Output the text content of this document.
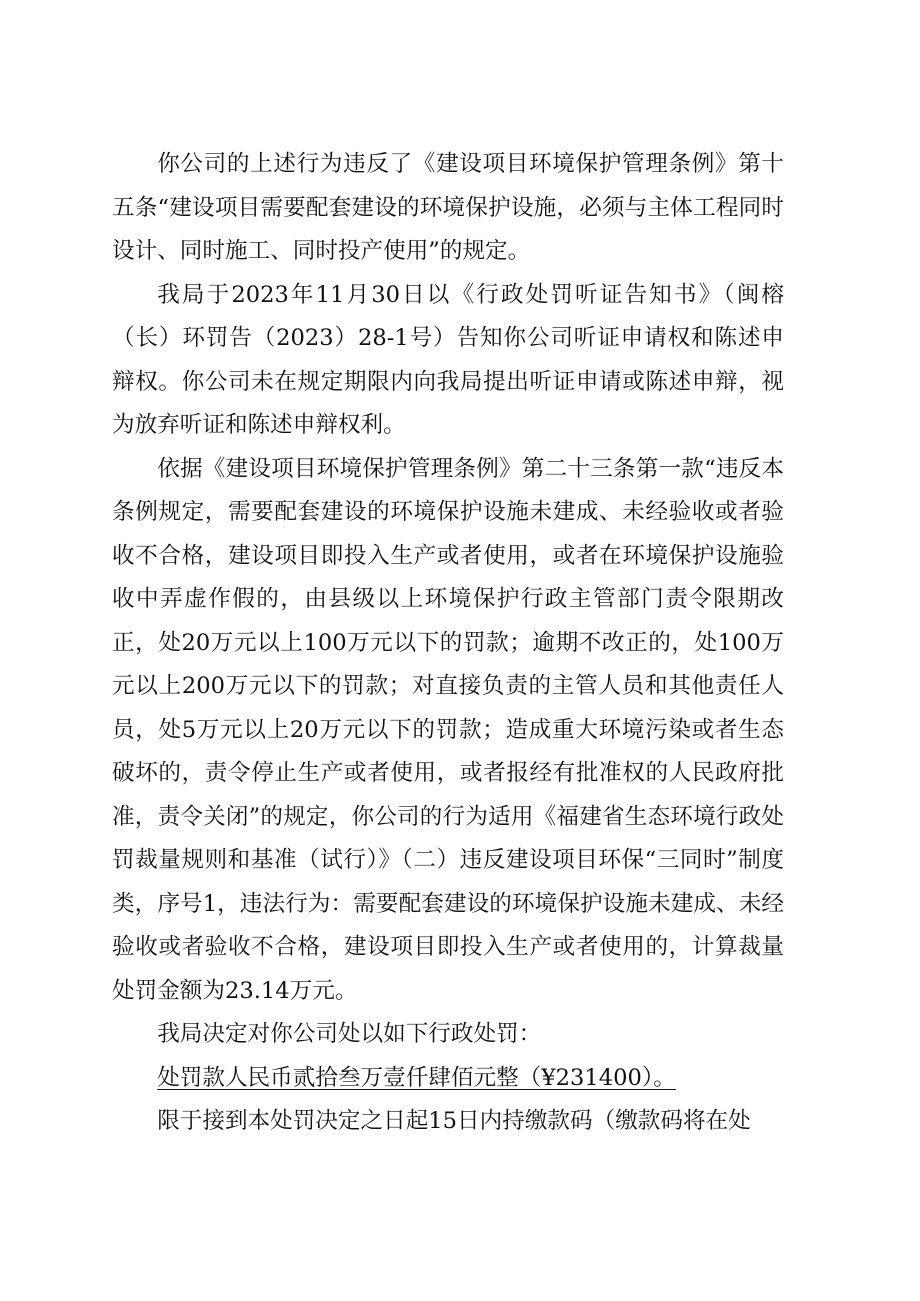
你公司的上述行为违反了《建设项目环境保护管理条例》第十五条“建设项目需要配套建设的环境保护设施，必须与主体工程同时设计、同时施工、同时投产使用”的规定。

我局于2023年11月30日以《行政处罚听证告知书》（闽榕（长）环罚告（2023）28-1号）告知你公司听证申请权和陈述申辩权。你公司未在规定期限内向我局提出听证申请或陈述申辩，视为放弃听证和陈述申辩权利。

依据《建设项目环境保护管理条例》第二十三条第一款“违反本条例规定，需要配套建设的环境保护设施未建成、未经验收或者验收不合格，建设项目即投入生产或者使用，或者在环境保护设施验收中弄虚作假的，由县级以上环境保护行政主管部门责令限期改正，处20万元以上100万元以下的罚款；逾期不改正的，处100万元以上200万元以下的罚款；对直接负责的主管人员和其他责任人员，处5万元以上20万元以下的罚款；造成重大环境污染或者生态破坏的，责令停止生产或者使用，或者报经有批准权的人民政府批准，责令关闭”的规定，你公司的行为适用《福建省生态环境行政处罚裁量规则和基准（试行）》（二）违反建设项目环保“三同时”制度类，序号1，违法行为：需要配套建设的环境保护设施未建成、未经验收或者验收不合格，建设项目即投入生产或者使用的，计算裁量处罚金额为23.14万元。

我局决定对你公司处以如下行政处罚：

处罚款人民币贰拾叁万壹仟肆佰元整（¥231400）。

限于接到本处罚决定之日起15日内持缴款码（缴款码将在处
